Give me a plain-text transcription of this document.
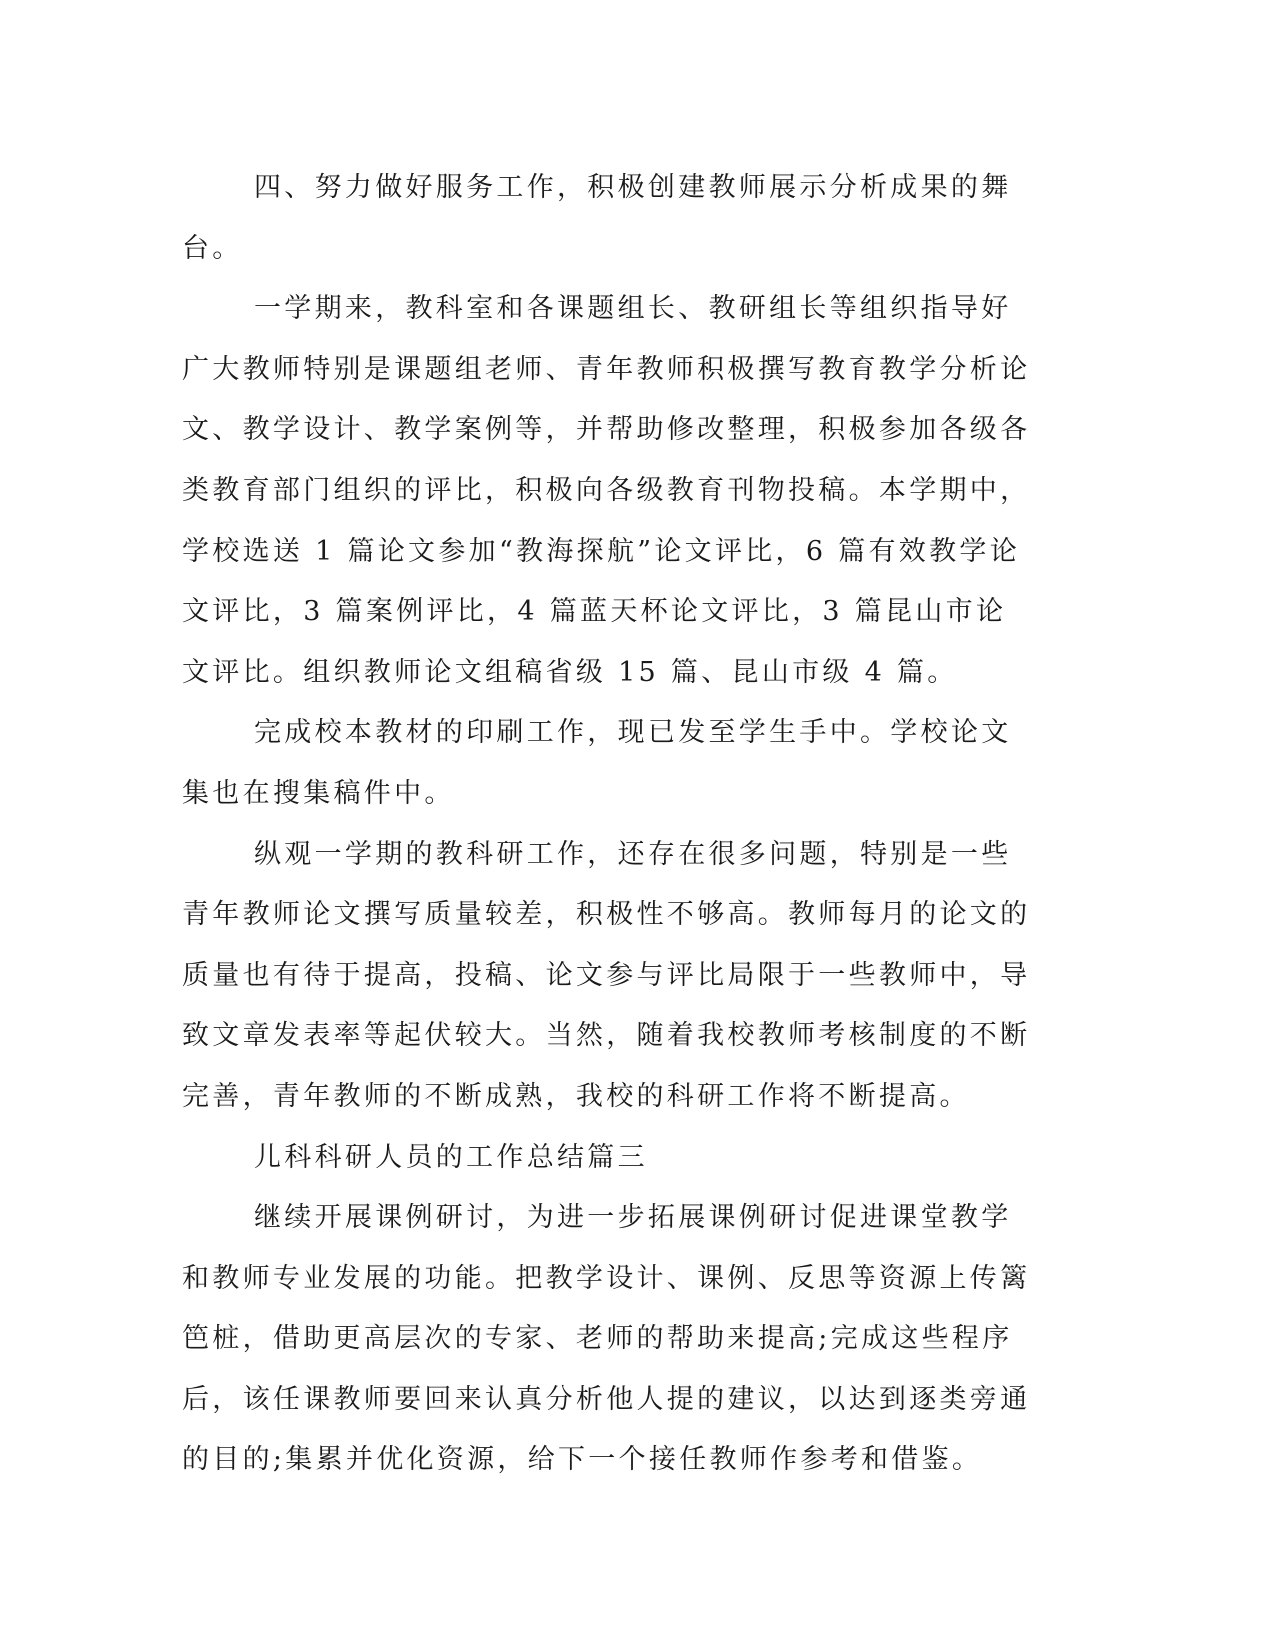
四、努力做好服务工作，积极创建教师展示分析成果的舞台。

一学期来，教科室和各课题组长、教研组长等组织指导好广大教师特别是课题组老师、青年教师积极撰写教育教学分析论文、教学设计、教学案例等，并帮助修改整理，积极参加各级各类教育部门组织的评比，积极向各级教育刊物投稿。本学期中，学校选送 1 篇论文参加“教海探航”论文评比，6 篇有效教学论文评比，3 篇案例评比，4 篇蓝天杯论文评比，3 篇昆山市论文评比。组织教师论文组稿省级 15 篇、昆山市级 4 篇。

完成校本教材的印刷工作，现已发至学生手中。学校论文集也在搜集稿件中。

纵观一学期的教科研工作，还存在很多问题，特别是一些青年教师论文撰写质量较差，积极性不够高。教师每月的论文的质量也有待于提高，投稿、论文参与评比局限于一些教师中，导致文章发表率等起伏较大。当然，随着我校教师考核制度的不断完善，青年教师的不断成熟，我校的科研工作将不断提高。

儿科科研人员的工作总结篇三

继续开展课例研讨，为进一步拓展课例研讨促进课堂教学和教师专业发展的功能。把教学设计、课例、反思等资源上传篱笆桩，借助更高层次的专家、老师的帮助来提高;完成这些程序后，该任课教师要回来认真分析他人提的建议，以达到逐类旁通的目的;集累并优化资源，给下一个接任教师作参考和借鉴。
